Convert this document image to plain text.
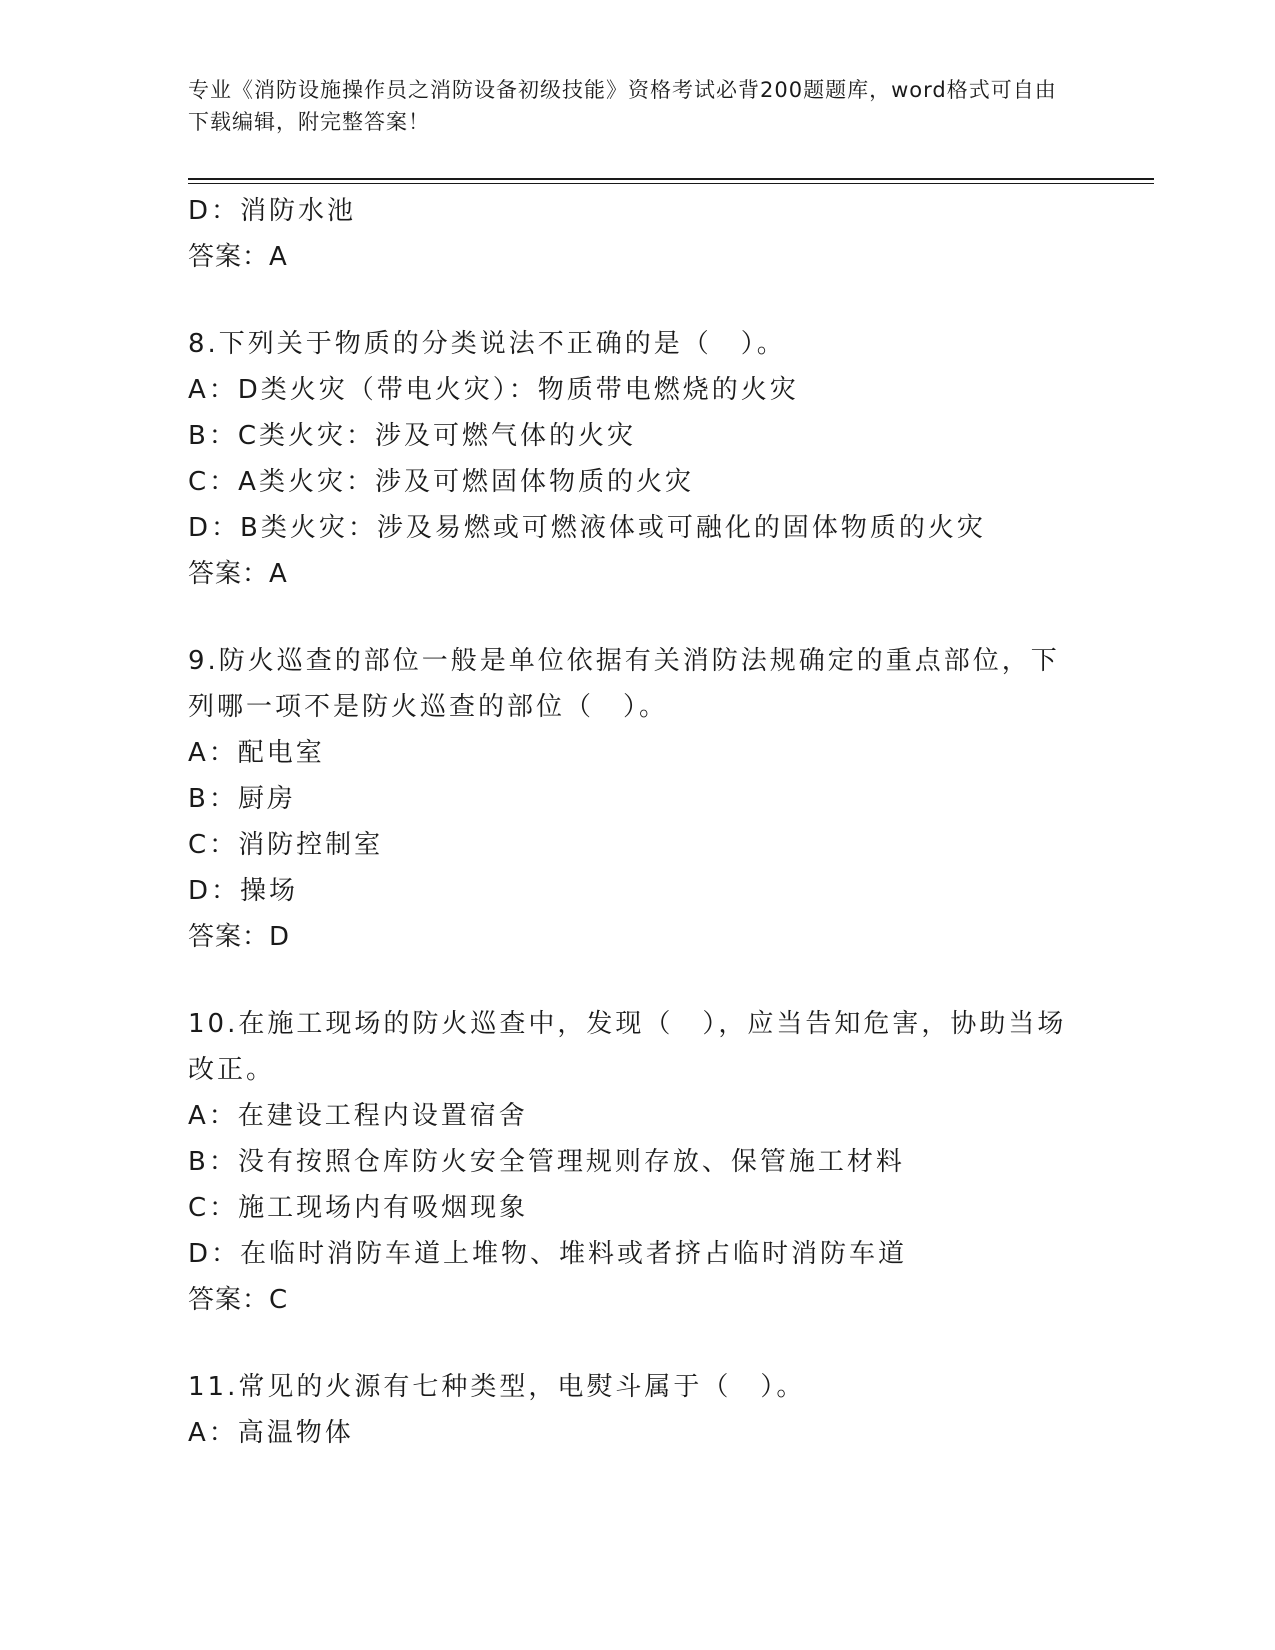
专业《消防设施操作员之消防设备初级技能》资格考试必背200题题库，word格式可自由下载编辑，附完整答案！
D：消防水池
答案：A
8.下列关于物质的分类说法不正确的是（　）。
A：D类火灾（带电火灾）：物质带电燃烧的火灾
B：C类火灾：涉及可燃气体的火灾
C：A类火灾：涉及可燃固体物质的火灾
D：B类火灾：涉及易燃或可燃液体或可融化的固体物质的火灾
答案：A
9.防火巡查的部位一般是单位依据有关消防法规确定的重点部位，下列哪一项不是防火巡查的部位（　）。
A：配电室
B：厨房
C：消防控制室
D：操场
答案：D
10.在施工现场的防火巡查中，发现（　），应当告知危害，协助当场改正。
A：在建设工程内设置宿舍
B：没有按照仓库防火安全管理规则存放、保管施工材料
C：施工现场内有吸烟现象
D：在临时消防车道上堆物、堆料或者挤占临时消防车道
答案：C
11.常见的火源有七种类型，电熨斗属于（　）。
A：高温物体
